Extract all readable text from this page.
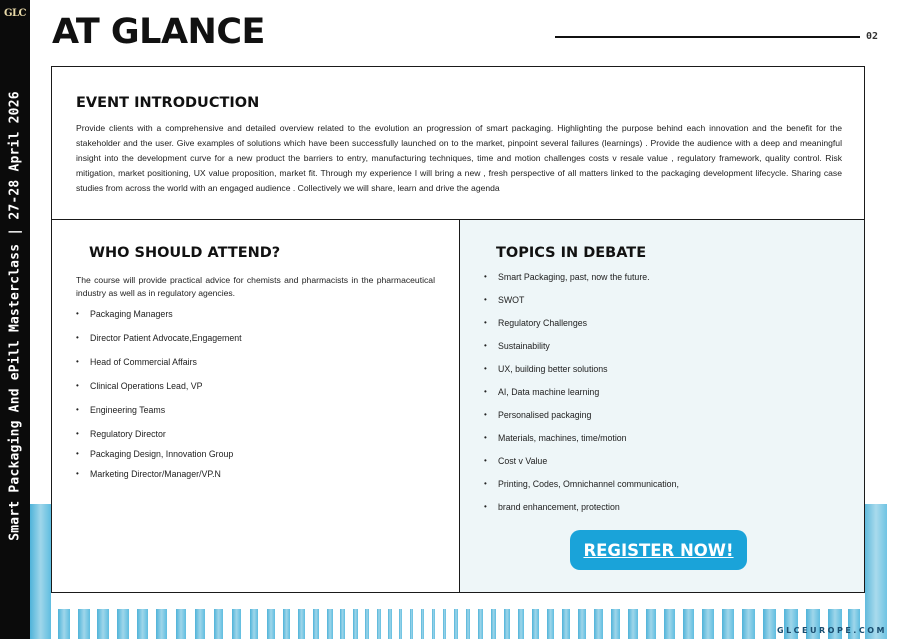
GLC
Smart Packaging And ePill Masterclass | 27-28 April 2026
AT GLANCE	02
EVENT INTRODUCTION

Provide clients with a comprehensive and detailed overview related to the evolution an progression of smart packaging. Highlighting the purpose behind each innovation and the benefit for the stakeholder and the user. Give examples of solutions which have been successfully launched on to the market, pinpoint several failures (learnings) . Provide the audience with a deep and meaningful insight into the development curve for a new product the barriers to entry, manufacturing techniques, time and motion challenges costs v resale value , regulatory framework, quality control. Risk mitigation, market positioning, UX value proposition, market fit. Through my experience I will bring a new , fresh perspective of all matters linked to the packaging development lifecycle. Sharing case studies from across the world with an engaged audience . Collectively we will share, learn and drive the agenda

WHO SHOULD ATTEND?

The course will provide practical advice for chemists and pharmacists in the pharmaceutical industry as well as in regulatory agencies.

• Packaging Managers
• Director Patient Advocate,Engagement
• Head of Commercial Affairs
• Clinical Operations Lead, VP
• Engineering Teams
• Regulatory Director
• Packaging Design, Innovation Group
• Marketing Director/Manager/VP.N
TOPICS IN DEBATE
• Smart Packaging, past, now the future.
• SWOT
• Regulatory Challenges
• Sustainability
• UX, building better solutions
• AI, Data machine learning
• Personalised packaging
• Materials, machines, time/motion
• Cost v Value
• Printing, Codes, Omnichannel communication,
• brand enhancement, protection
REGISTER NOW!
GLCEUROPE.COM
